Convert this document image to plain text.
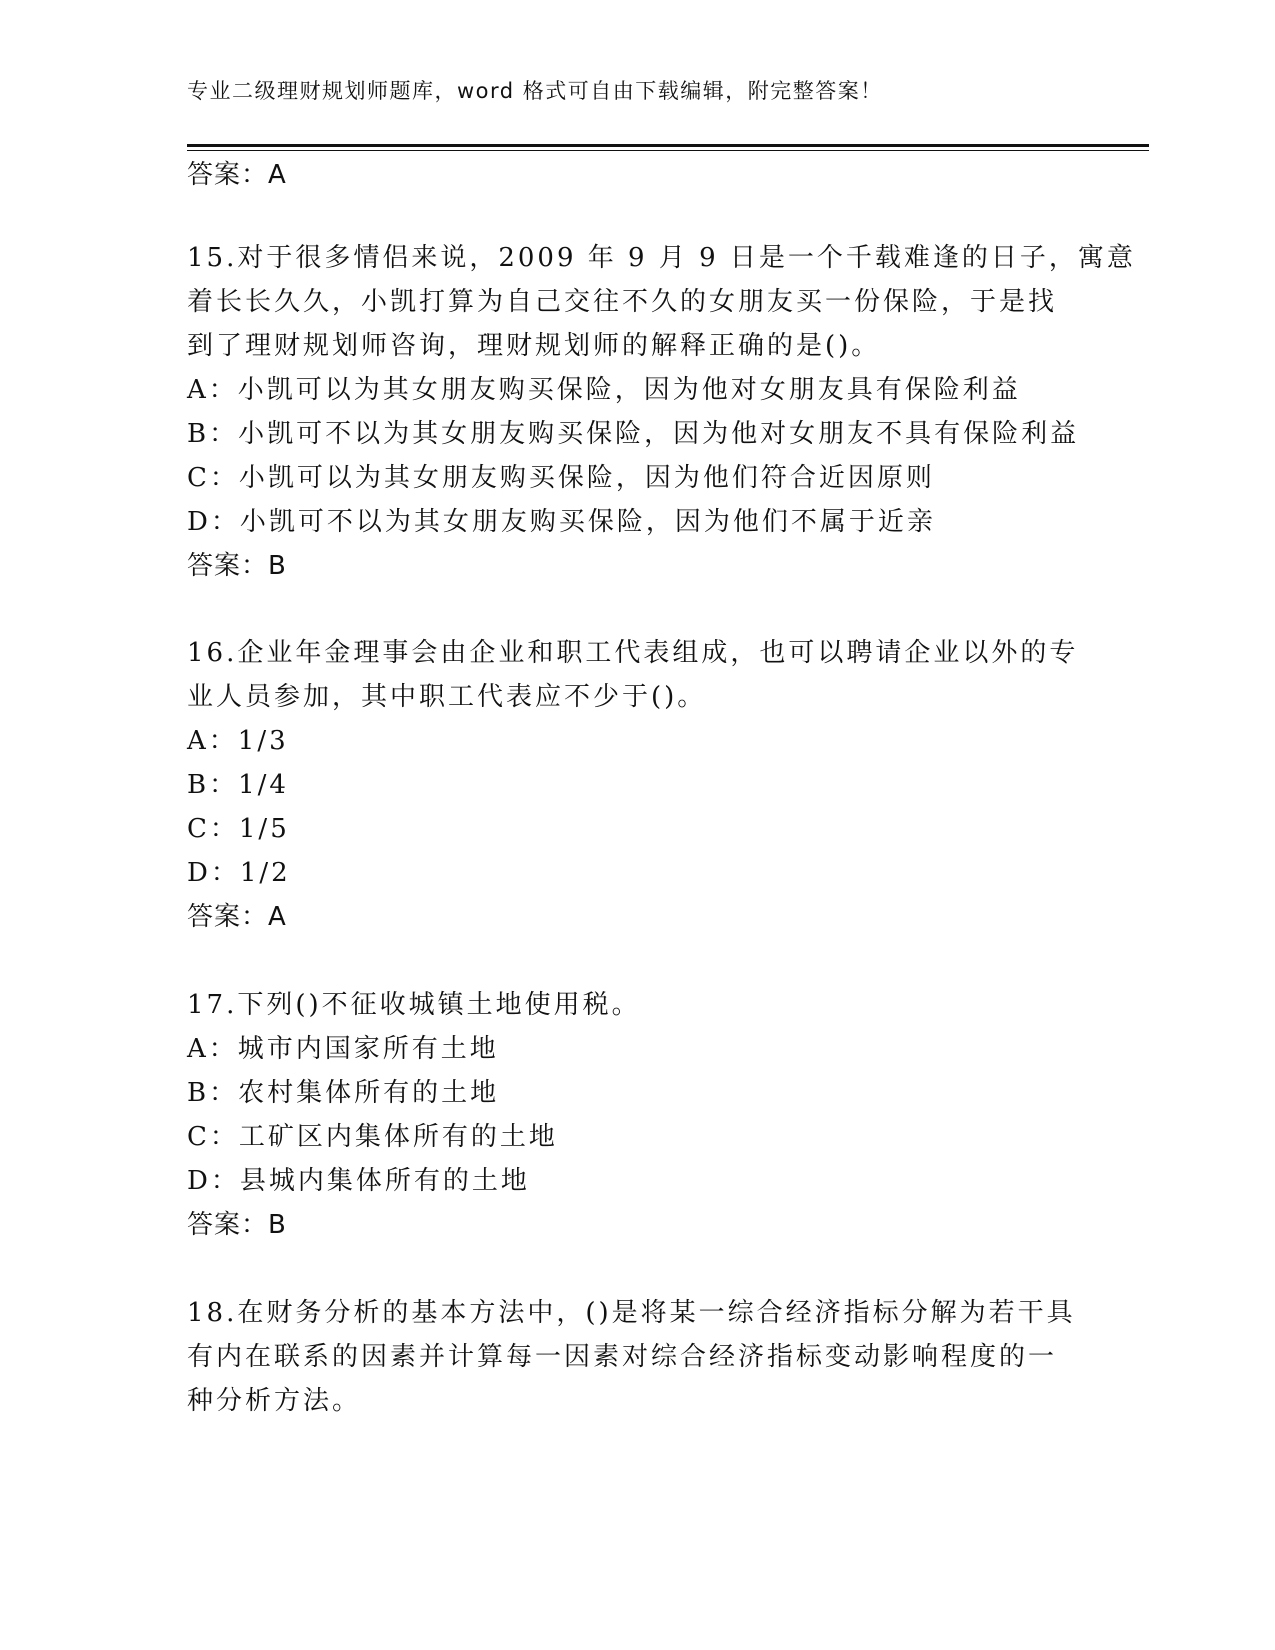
专业二级理财规划师题库，word 格式可自由下载编辑，附完整答案！
答案：A
15.对于很多情侣来说，2009 年 9 月 9 日是一个千载难逢的日子，寓意
着长长久久，小凯打算为自己交往不久的女朋友买一份保险，于是找
到了理财规划师咨询，理财规划师的解释正确的是()。
A：小凯可以为其女朋友购买保险，因为他对女朋友具有保险利益
B：小凯可不以为其女朋友购买保险，因为他对女朋友不具有保险利益
C：小凯可以为其女朋友购买保险，因为他们符合近因原则
D：小凯可不以为其女朋友购买保险，因为他们不属于近亲
答案：B
16.企业年金理事会由企业和职工代表组成，也可以聘请企业以外的专
业人员参加，其中职工代表应不少于()。
A：1/3
B：1/4
C：1/5
D：1/2
答案：A
17.下列()不征收城镇土地使用税。
A：城市内国家所有土地
B：农村集体所有的土地
C：工矿区内集体所有的土地
D：县城内集体所有的土地
答案：B
18.在财务分析的基本方法中，()是将某一综合经济指标分解为若干具
有内在联系的因素并计算每一因素对综合经济指标变动影响程度的一
种分析方法。
